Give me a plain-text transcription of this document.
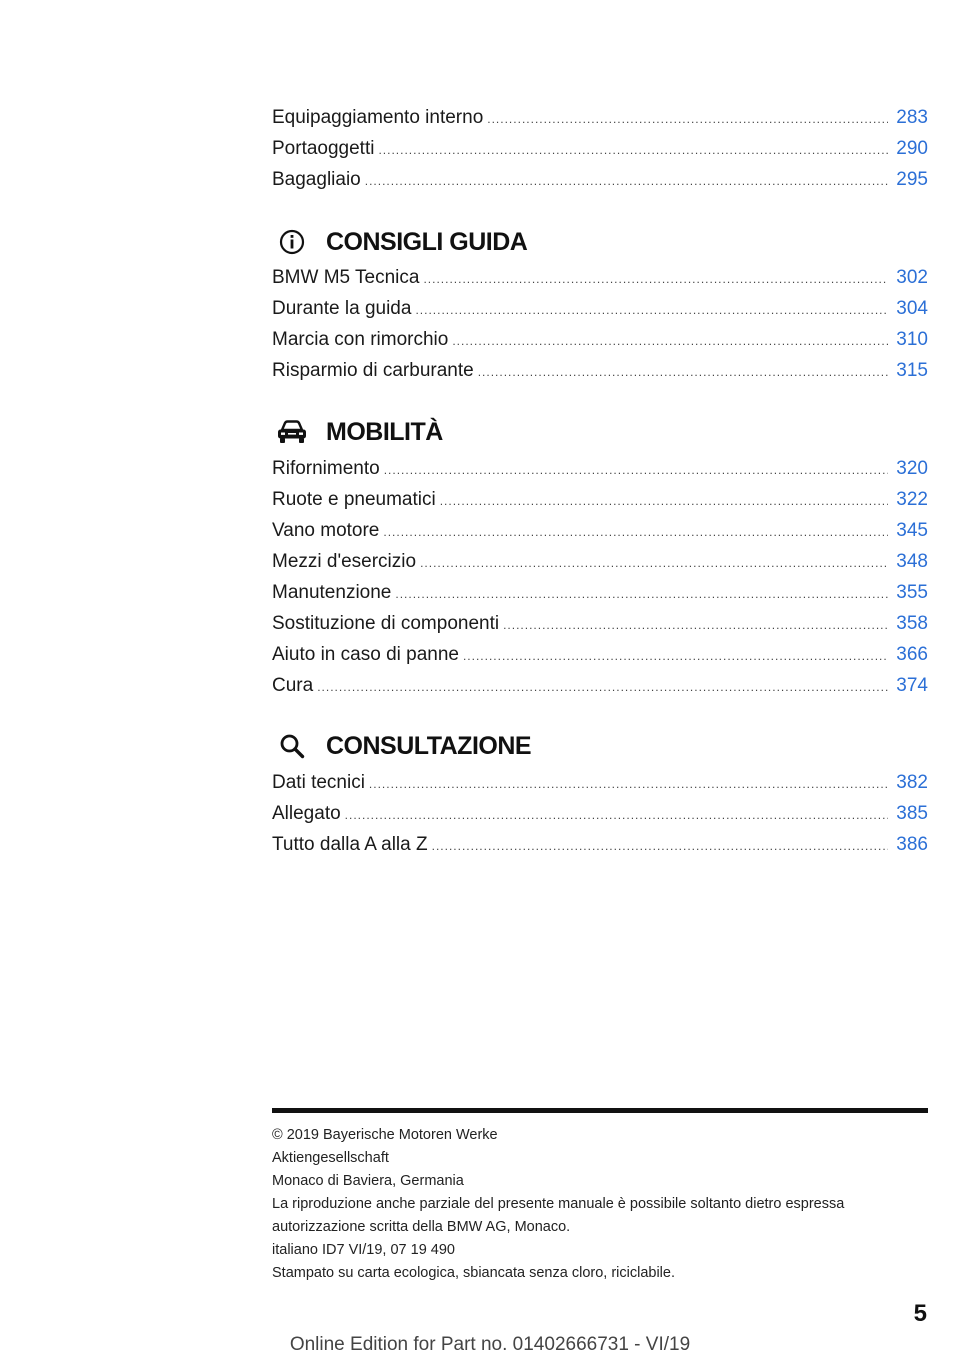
Equipaggiamento interno .....	283
Portaoggetti .....	290
Bagagliaio .....	295
CONSIGLI GUIDA
BMW M5 Tecnica .....	302
Durante la guida .....	304
Marcia con rimorchio .....	310
Risparmio di carburante .....	315
MOBILITÀ
Rifornimento .....	320
Ruote e pneumatici .....	322
Vano motore .....	345
Mezzi d'esercizio .....	348
Manutenzione .....	355
Sostituzione di componenti .....	358
Aiuto in caso di panne .....	366
Cura .....	374
CONSULTAZIONE
Dati tecnici .....	382
Allegato .....	385
Tutto dalla A alla Z .....	386
© 2019 Bayerische Motoren Werke
Aktiengesellschaft
Monaco di Baviera, Germania
La riproduzione anche parziale del presente manuale è possibile soltanto dietro espressa
autorizzazione scritta della BMW AG, Monaco.
italiano ID7 VI/19, 07 19 490
Stampato su carta ecologica, sbiancata senza cloro, riciclabile.
5
Online Edition for Part no. 01402666731 - VI/19
